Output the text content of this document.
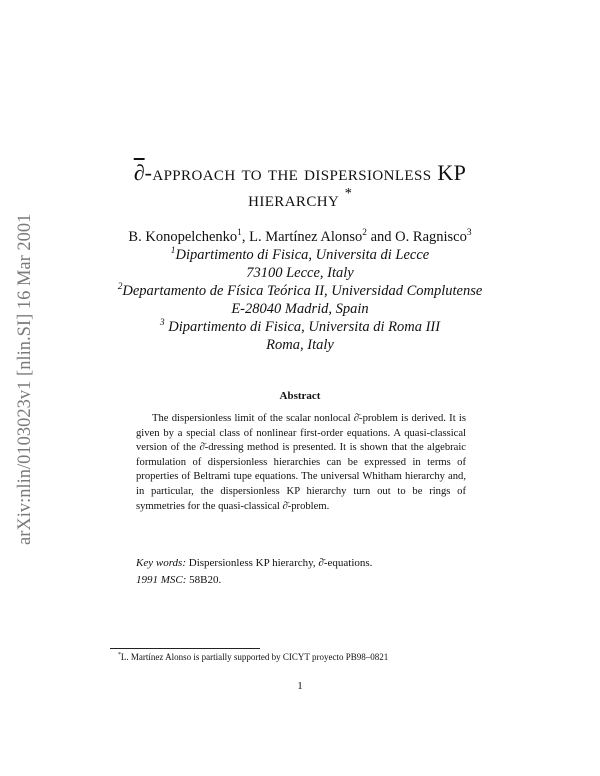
arXiv:nlin/0103023v1 [nlin.SI] 16 Mar 2001
∂-approach to the dispersionless KP
hierarchy *
B. Konopelchenko$^1$, L. Martínez Alonso$^2$ and O. Ragnisco$^3$
$^1$Dipartimento di Fisica, Universita di Lecce
73100 Lecce, Italy
$^2$Departamento de Física Teórica II, Universidad Complutense
E-28040 Madrid, Spain
$^3$ Dipartimento di Fisica, Universita di Roma III
Roma, Italy
Abstract
The dispersionless limit of the scalar nonlocal ∂̄-problem is derived. It is given by a special class of nonlinear first-order equations. A quasi-classical version of the ∂̄-dressing method is presented. It is shown that the algebraic formulation of dispersionless hierarchies can be expressed in terms of properties of Beltrami tupe equations. The universal Whitham hierarchy and, in particular, the dispersionless KP hierarchy turn out to be rings of symmetries for the quasi-classical ∂̄-problem.
Key words: Dispersionless KP hierarchy, ∂̄-equations.
1991 MSC: 58B20.
*L. Martínez Alonso is partially supported by CICYT proyecto PB98–0821
1
